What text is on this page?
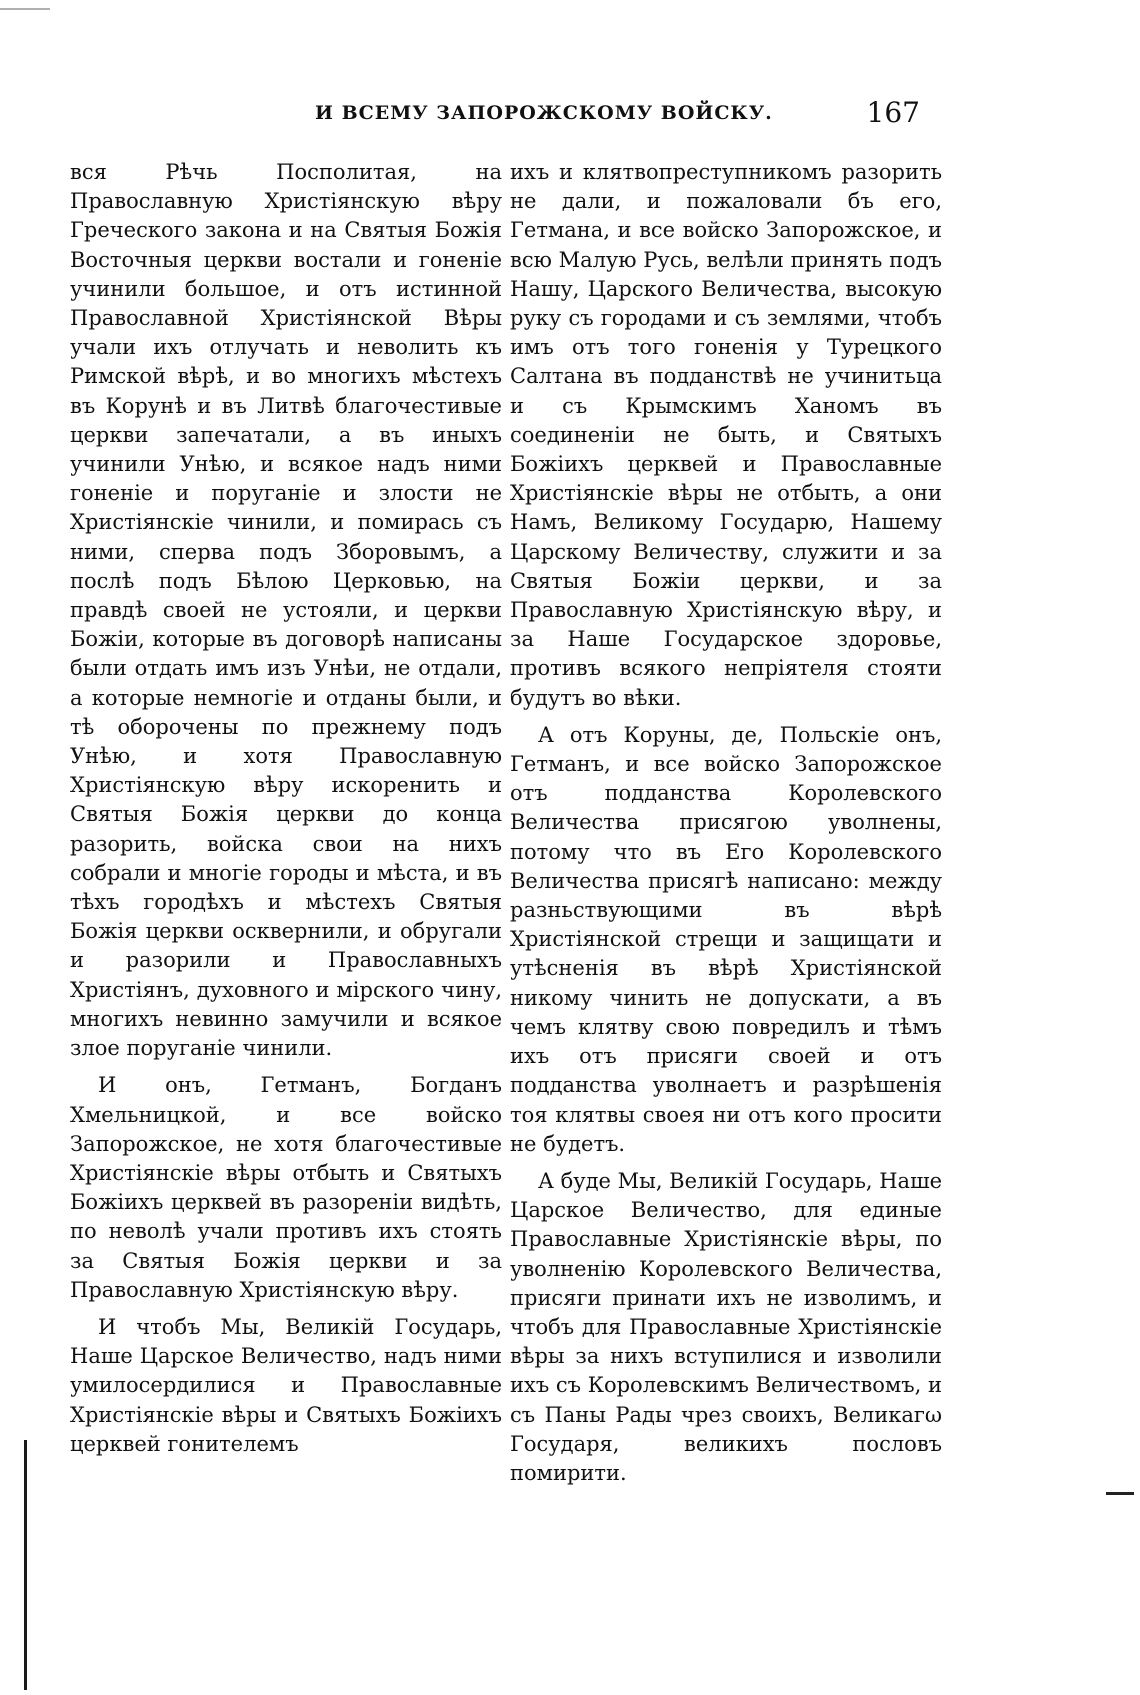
И ВСЕМУ ЗАПОРОЖСКОМУ ВОЙСКУ.	167

вся Рѣчь Посполитая, на Православную Христіянскую вѣру Греческого закона и на Святыя Божія Восточныя церкви востали и гоненіе учинили большое, и отъ истинной Православной Христіянской Вѣры учали ихъ отлучать и неволить къ Римской вѣрѣ, и во многихъ мѣстехъ въ Корунѣ и въ Литвѣ благочестивые церкви запечатали, а въ иныхъ учинили Унѣю, и всякое надъ ними гоненіе и поруганіе и злости не Христіянскіе чинили, и помирась съ ними, сперва подъ Зборовымъ, а послѣ подъ Бѣлою Церковью, на правдѣ своей не устояли, и церкви Божіи, которые въ договорѣ написаны были отдать имъ изъ Унѣи, не отдали, а которые немногіе и отданы были, и тѣ оборочены по прежнему подъ Унѣю, и хотя Православную Христіянскую вѣру искоренить и Святыя Божія церкви до конца разорить, войска свои на нихъ собрали и многіе городы и мѣста, и въ тѣхъ городѣхъ и мѣстехъ Святыя Божія церкви осквернили, и обругали и разорили и Православныхъ Христіянъ, духовного и мірского чину, многихъ невинно замучили и всякое злое поруганіе чинили.

И онъ, Гетманъ, Богданъ Хмельницкой, и все войско Запорожское, не хотя благочестивые Христіянскіе вѣры отбыть и Святыхъ Божіихъ церквей въ разореніи видѣть, по неволѣ учали противъ ихъ стоять за Святыя Божія церкви и за Православную Христіянскую вѣру.

И чтобъ Мы, Великій Государь, Наше Царское Величество, надъ ними умилосердилися и Православные Христіянскіе вѣры и Святыхъ Божіихъ церквей гонителемъ

ихъ и клятвопреступникомъ разорить не дали, и пожаловали бъ его, Гетмана, и все войско Запорожское, и всю Малую Русь, велѣли принять подъ Нашу, Царского Величества, высокую руку съ городами и съ землями, чтобъ имъ отъ того гоненія у Турецкого Салтана въ подданствѣ не учинитьца и съ Крымскимъ Ханомъ въ соединеніи не быть, и Святыхъ Божіихъ церквей и Православные Христіянскіе вѣры не отбыть, а они Намъ, Великому Государю, Нашему Царскому Величеству, служити и за Святыя Божіи церкви, и за Православную Христіянскую вѣру, и за Наше Государское здоровье, противъ всякого непріятеля стояти будутъ во вѣки.

А отъ Коруны, де, Польскіе онъ, Гетманъ, и все войско Запорожское отъ подданства Королевского Величества присягою уволнены, потому что въ Его Королевского Величества присягѣ написано: между разньствующими въ вѣрѣ Христіянской стрещи и защищати и утѣсненія въ вѣрѣ Христіянской никому чинить не допускати, а въ чемъ клятву свою повредилъ и тѣмъ ихъ отъ присяги своей и отъ подданства уволнаетъ и разрѣшенія тоя клятвы своея ни отъ кого просити не будетъ.

А буде Мы, Великій Государь, Наше Царское Величество, для единые Православные Христіянскіе вѣры, по уволненію Королевского Величества, присяги принати ихъ не изволимъ, и чтобъ для Православные Христіянскіе вѣры за нихъ вступилися и изволили ихъ съ Королевскимъ Величествомъ, и съ Паны Рады чрез своихъ, Великагω Государя, великихъ пословъ помирити.
